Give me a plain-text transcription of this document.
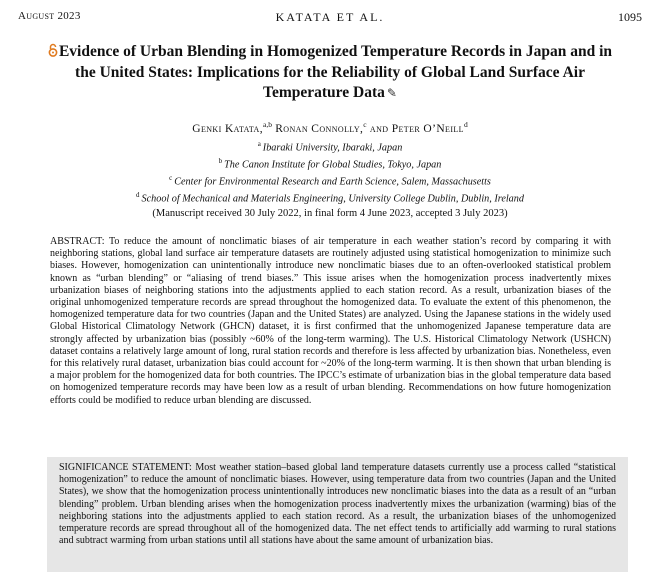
August 2023	KATATA ET AL.	1095
Evidence of Urban Blending in Homogenized Temperature Records in Japan and in the United States: Implications for the Reliability of Global Land Surface Air Temperature Data ✎
Genki Katata,$^{a,b}$ Ronan Connolly,$^c$ and Peter O’Neill$^d$
$^a$ Ibaraki University, Ibaraki, Japan
$^b$ The Canon Institute for Global Studies, Tokyo, Japan
$^c$ Center for Environmental Research and Earth Science, Salem, Massachusetts
$^d$ School of Mechanical and Materials Engineering, University College Dublin, Dublin, Ireland
(Manuscript received 30 July 2022, in final form 4 June 2023, accepted 3 July 2023)
ABSTRACT: To reduce the amount of nonclimatic biases of air temperature in each weather station’s record by comparing it with neighboring stations, global land surface air temperature datasets are routinely adjusted using statistical homogenization to minimize such biases. However, homogenization can unintentionally introduce new nonclimatic biases due to an often-overlooked statistical problem known as “urban blending” or “aliasing of trend biases.” This issue arises when the homogenization process inadvertently mixes urbanization biases of neighboring stations into the adjustments applied to each station record. As a result, urbanization biases of the original unhomogenized temperature records are spread throughout the homogenized data. To evaluate the extent of this phenomenon, the homogenized temperature data for two countries (Japan and the United States) are analyzed. Using the Japanese stations in the widely used Global Historical Climatology Network (GHCN) dataset, it is first confirmed that the unhomogenized Japanese temperature data are strongly affected by urbanization bias (possibly ~60% of the long-term warming). The U.S. Historical Climatology Network (USHCN) dataset contains a relatively large amount of long, rural station records and therefore is less affected by urbanization bias. Nonetheless, even for this relatively rural dataset, urbanization bias could account for ~20% of the long-term warming. It is then shown that urban blending is a major problem for the homogenized data for both countries. The IPCC’s estimate of urbanization bias in the global temperature data based on homogenized temperature records may have been low as a result of urban blending. Recommendations on how future homogenization efforts could be modified to reduce urban blending are discussed.
SIGNIFICANCE STATEMENT: Most weather station–based global land temperature datasets currently use a process called “statistical homogenization” to reduce the amount of nonclimatic biases. However, using temperature data from two countries (Japan and the United States), we show that the homogenization process unintentionally introduces new nonclimatic biases into the data as a result of an “urban blending” problem. Urban blending arises when the homogenization process inadvertently mixes the urbanization (warming) bias of the neighboring stations into the adjustments applied to each station record. As a result, the urbanization biases of the unhomogenized temperature records are spread throughout all of the homogenized data. The net effect tends to artificially add warming to rural stations and subtract warming from urban stations until all stations have about the same amount of urbanization bias.
